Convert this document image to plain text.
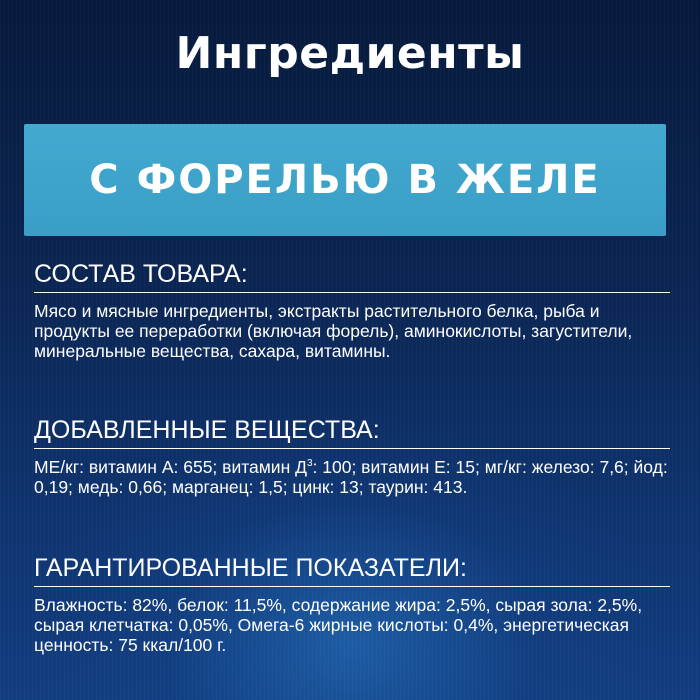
Ингредиенты
С ФОРЕЛЬЮ В ЖЕЛЕ
СОСТАВ ТОВАРА:
Мясо и мясные ингредиенты, экстракты растительного белка, рыба и продукты ее переработки (включая форель), аминокислоты, загустители, минеральные вещества, сахара, витамины.
ДОБАВЛЕННЫЕ ВЕЩЕСТВА:
МЕ/кг: витамин А: 655; витамин $Д^3$: 100; витамин Е: 15; мг/кг: железо: 7,6; йод: 0,19; медь: 0,66; марганец: 1,5; цинк: 13; таурин: 413.
ГАРАНТИРОВАННЫЕ ПОКАЗАТЕЛИ:
Влажность: 82%, белок: 11,5%, содержание жира: 2,5%, сырая зола: 2,5%, сырая клетчатка: 0,05%, Омега-6 жирные кислоты: 0,4%, энергетическая ценность: 75 ккал/100 г.
